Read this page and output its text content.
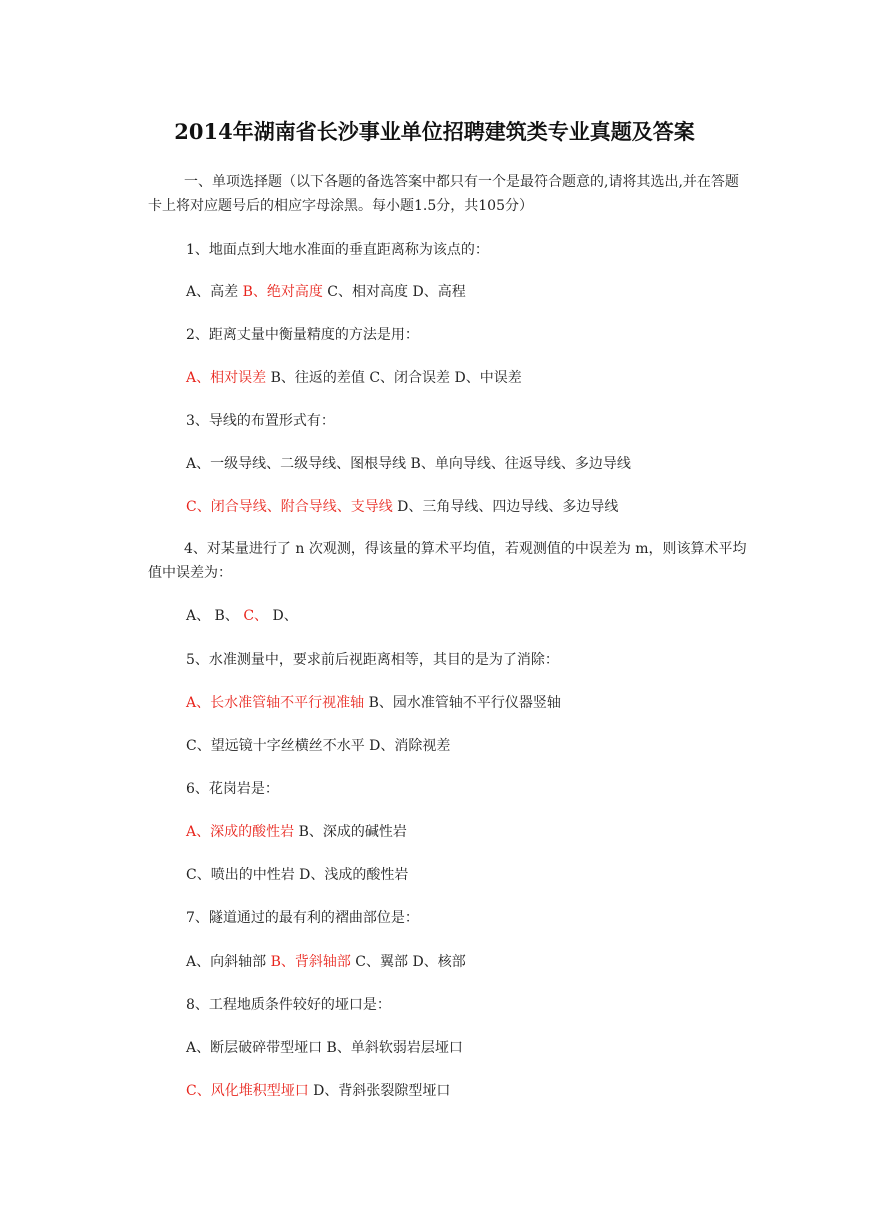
2014年湖南省长沙事业单位招聘建筑类专业真题及答案

一、单项选择题（以下各题的备选答案中都只有一个是最符合题意的,请将其选出,并在答题卡上将对应题号后的相应字母涂黑。每小题1.5分，共105分）

1、地面点到大地水准面的垂直距离称为该点的：

A、高差 B、绝对高度 C、相对高度 D、高程

2、距离丈量中衡量精度的方法是用：

A、相对误差 B、往返的差值 C、闭合误差 D、中误差

3、导线的布置形式有：

A、一级导线、二级导线、图根导线 B、单向导线、往返导线、多边导线

C、闭合导线、附合导线、支导线 D、三角导线、四边导线、多边导线

4、对某量进行了 n 次观测，得该量的算术平均值，若观测值的中误差为 m，则该算术平均值中误差为：

A、 B、 C、 D、

5、水准测量中，要求前后视距离相等，其目的是为了消除：

A、长水准管轴不平行视准轴 B、园水准管轴不平行仪器竖轴

C、望远镜十字丝横丝不水平 D、消除视差

6、花岗岩是：

A、深成的酸性岩 B、深成的碱性岩

C、喷出的中性岩 D、浅成的酸性岩

7、隧道通过的最有利的褶曲部位是：

A、向斜轴部 B、背斜轴部 C、翼部 D、核部

8、工程地质条件较好的垭口是：

A、断层破碎带型垭口 B、单斜软弱岩层垭口

C、风化堆积型垭口 D、背斜张裂隙型垭口
